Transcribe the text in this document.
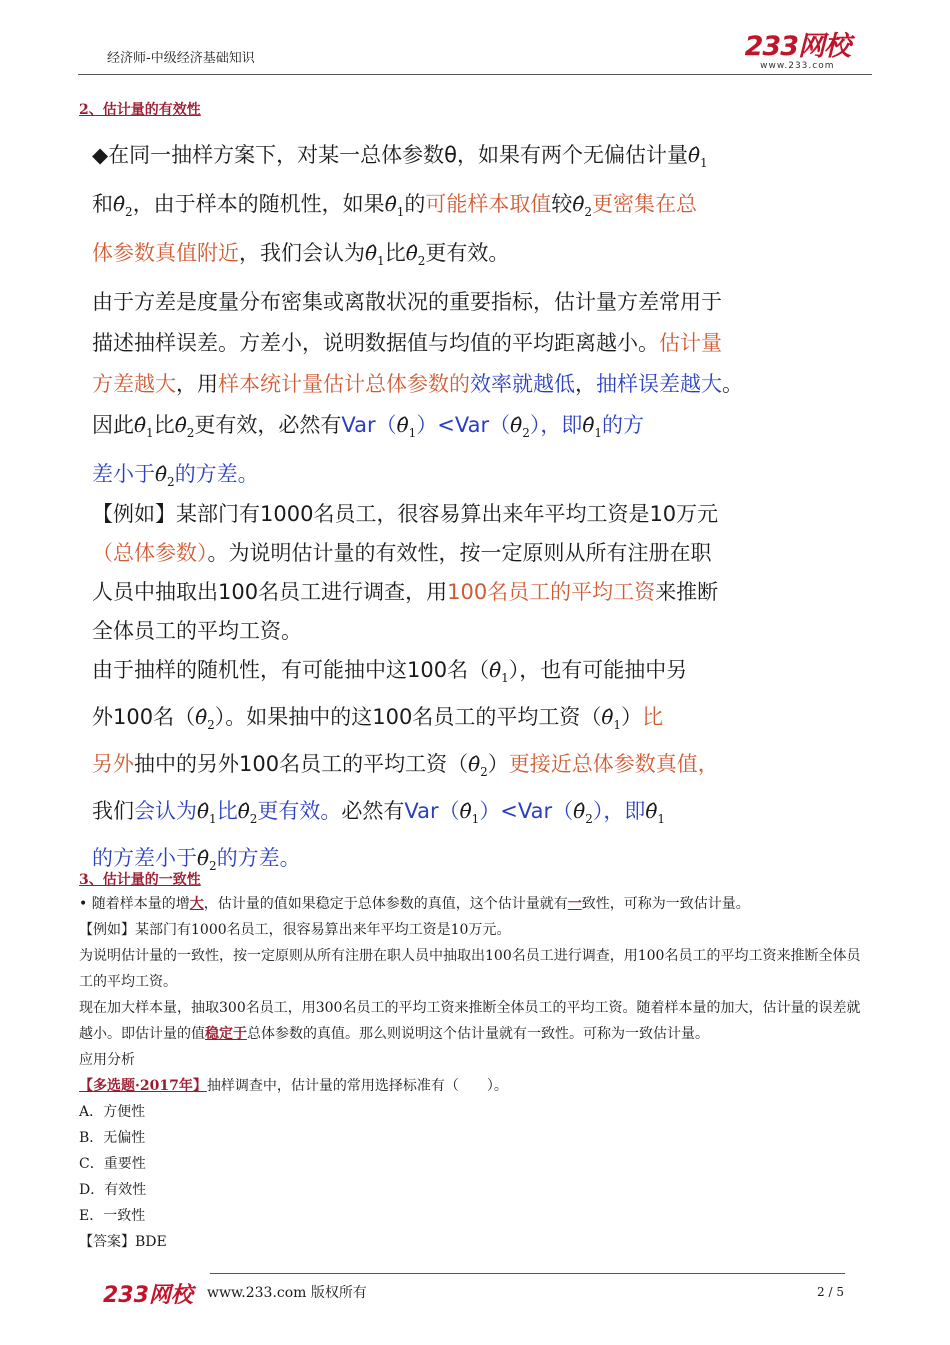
经济师-中级经济基础知识	233网校
www.233.com
2、估计量的有效性
◆在同一抽样方案下，对某一总体参数θ，如果有两个无偏估计量$\thetâ_1$
和$\thetâ_2$，由于样本的随机性，如果$\thetâ_1$的可能样本取值较$\thetâ_2$更密集在总
体参数真值附近，我们会认为$\thetâ_1$比$\thetâ_2$更有效。
由于方差是度量分布密集或离散状况的重要指标，估计量方差常用于
描述抽样误差。方差小，说明数据值与均值的平均距离越小。估计量
方差越大，用样本统计量估计总体参数的效率就越低，抽样误差越大。
因此$\thetâ_1$比$\thetâ_2$更有效，必然有$Var(\thetâ_1)<Var(\thetâ_2)$，即$\thetâ_1$的方
差小于$\thetâ_2$的方差。
【例如】某部门有1000名员工，很容易算出来年平均工资是10万元
（总体参数）。为说明估计量的有效性，按一定原则从所有注册在职
人员中抽取出100名员工进行调查，用100名员工的平均工资来推断
全体员工的平均工资。
由于抽样的随机性，有可能抽中这100名$(\thetâ_1)$，也有可能抽中另
外100名$(\thetâ_2)$。如果抽中的这100名员工的平均工资$(\thetâ_1)$比
另外抽中的另外100名员工的平均工资$(\thetâ_2)$更接近总体参数真值，
我们会认为$\thetâ_1$比$\thetâ_2$更有效。必然有$Var(\thetâ_1)<Var(\thetâ_2)$，即$\thetâ_1$
的方差小于$\thetâ_2$的方差。
3、估计量的一致性

• 随着样本量的增大，估计量的值如果稳定于总体参数的真值，这个估计量就有一致性，可称为一致估计量。

【例如】某部门有1000名员工，很容易算出来年平均工资是10万元。

为说明估计量的一致性，按一定原则从所有注册在职人员中抽取出100名员工进行调查，用100名员工的平均工资来推断全体员工的平均工资。

现在加大样本量，抽取300名员工，用300名员工的平均工资来推断全体员工的平均工资。随着样本量的加大，估计量的误差就越小。即估计量的值稳定于总体参数的真值。那么则说明这个估计量就有一致性。可称为一致估计量。

应用分析

【多选题·2017年】抽样调查中，估计量的常用选择标准有（　　）。

A．方便性

B．无偏性

C．重要性

D．有效性

E．一致性

【答案】BDE

233网校 www.233.com 版权所有	2 / 5
